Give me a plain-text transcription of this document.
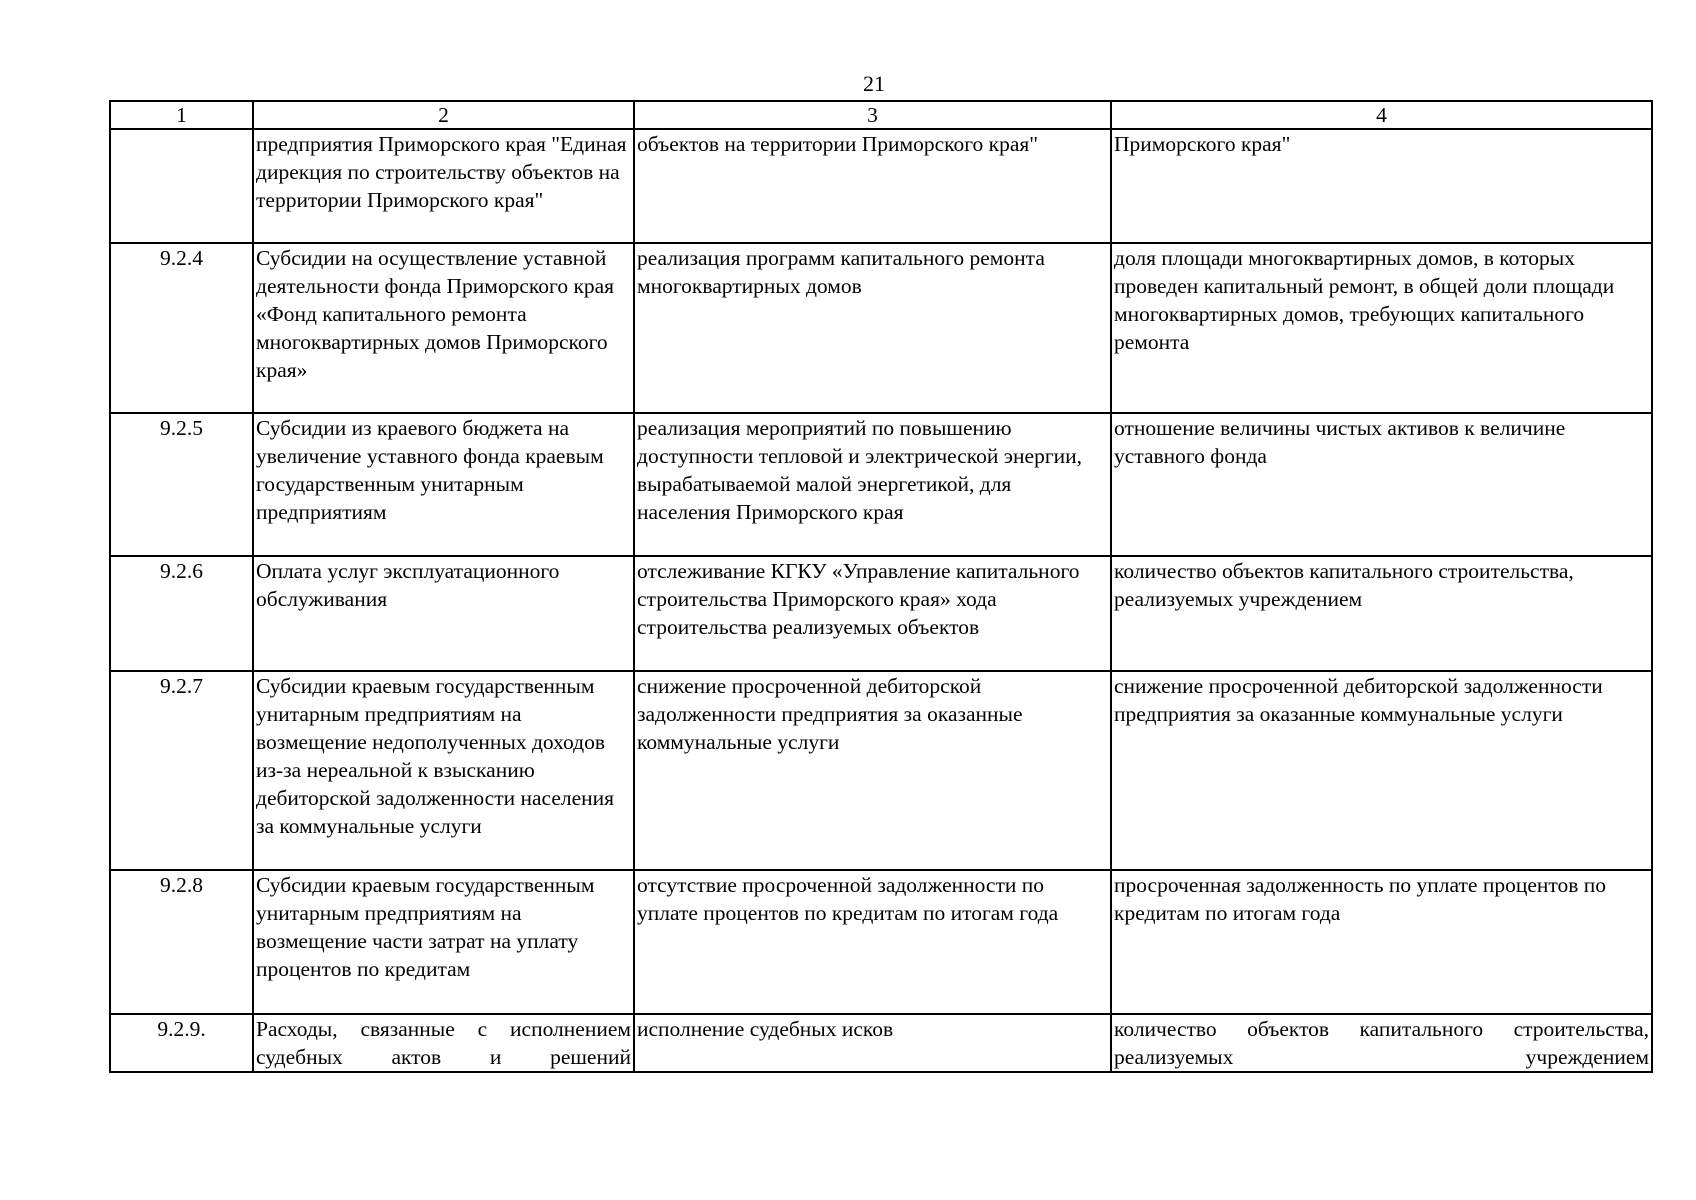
21
1	2	3	4
	предприятия Приморского края "Единая дирекция по строительству объектов на территории Приморского края"	объектов на территории Приморского края"	Приморского края"
9.2.4	Субсидии на осуществление уставной деятельности фонда Приморского края «Фонд капитального ремонта многоквартирных домов Приморского края»	реализация программ капитального ремонта многоквартирных домов	доля площади многоквартирных домов, в которых проведен капитальный ремонт, в общей доли площади многоквартирных домов, требующих капитального ремонта
9.2.5	Субсидии из краевого бюджета на увеличение уставного фонда краевым государственным унитарным предприятиям	реализация мероприятий по повышению доступности тепловой и электрической энергии, вырабатываемой малой энергетикой, для населения Приморского края	отношение величины чистых активов к величине уставного фонда
9.2.6	Оплата услуг эксплуатационного обслуживания	отслеживание КГКУ «Управление капитального строительства Приморского края» хода строительства реализуемых объектов	количество объектов капитального строительства, реализуемых учреждением
9.2.7	Субсидии краевым государственным унитарным предприятиям на возмещение недополученных доходов из-за нереальной к взысканию дебиторской задолженности населения за коммунальные услуги	снижение просроченной дебиторской задолженности предприятия за оказанные коммунальные услуги	снижение просроченной дебиторской задолженности предприятия за оказанные коммунальные услуги
9.2.8	Субсидии краевым государственным унитарным предприятиям на возмещение части затрат на уплату процентов по кредитам	отсутствие просроченной задолженности по уплате процентов по кредитам по итогам года	просроченная задолженность по уплате процентов по кредитам по итогам года
9.2.9.	Расходы, связанные с исполнением судебных актов и решений	исполнение судебных исков	количество объектов капитального строительства, реализуемых учреждением
